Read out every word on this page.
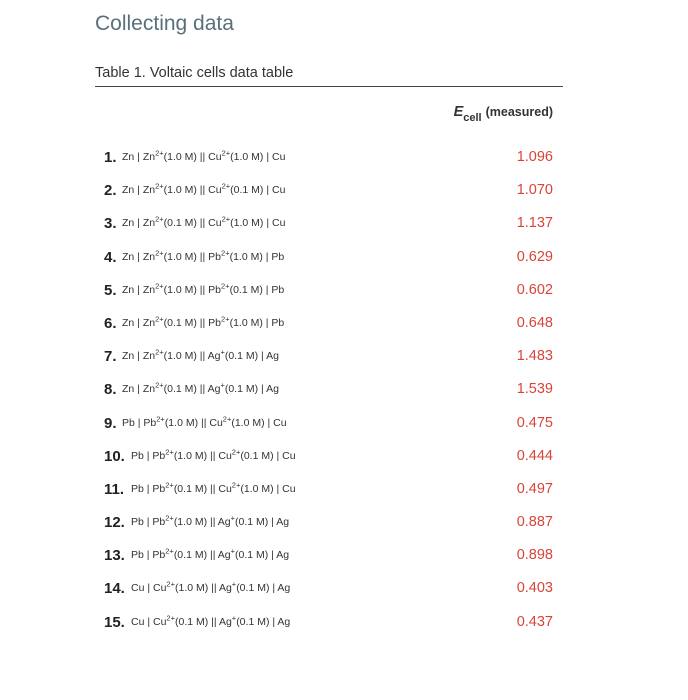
Collecting data
Table 1. Voltaic cells data table
$E_{cell}$ (measured)
1. Zn | $Zn^{2+}(1.0$ M) || $Cu^{2+}(1.0$ M) | Cu	1.096
2. Zn | $Zn^{2+}(1.0$ M) || $Cu^{2+}(0.1$ M) | Cu	1.070
3. Zn | $Zn^{2+}(0.1$ M) || $Cu^{2+}(1.0$ M) | Cu	1.137
4. Zn | $Zn^{2+}(1.0$ M) || $Pb^{2+}(1.0$ M) | Pb	0.629
5. Zn | $Zn^{2+}(1.0$ M) || $Pb^{2+}(0.1$ M) | Pb	0.602
6. Zn | $Zn^{2+}(0.1$ M) || $Pb^{2+}(1.0$ M) | Pb	0.648
7. Zn | $Zn^{2+}(1.0$ M) || Ag+(0.1 M) | Ag	1.483
8. Zn | $Zn^{2+}(0.1$ M) || Ag+(0.1 M) | Ag	1.539
9. Pb | $Pb^{2+}(1.0$ M) || $Cu^{2+}(1.0$ M) | Cu	0.475
10. Pb | $Pb^{2+}(1.0$ M) || $Cu^{2+}(0.1$ M) | Cu	0.444
11. Pb | $Pb^{2+}(0.1$ M) || $Cu^{2+}(1.0$ M) | Cu	0.497
12. Pb | $Pb^{2+}(1.0$ M) || Ag+(0.1 M) | Ag	0.887
13. Pb | $Pb^{2+}(0.1$ M) || Ag+(0.1 M) | Ag	0.898
14. Cu | $Cu^{2+}(1.0$ M) || Ag+(0.1 M) | Ag	0.403
15. Cu | $Cu^{2+}(0.1$ M) || Ag+(0.1 M) | Ag	0.437
